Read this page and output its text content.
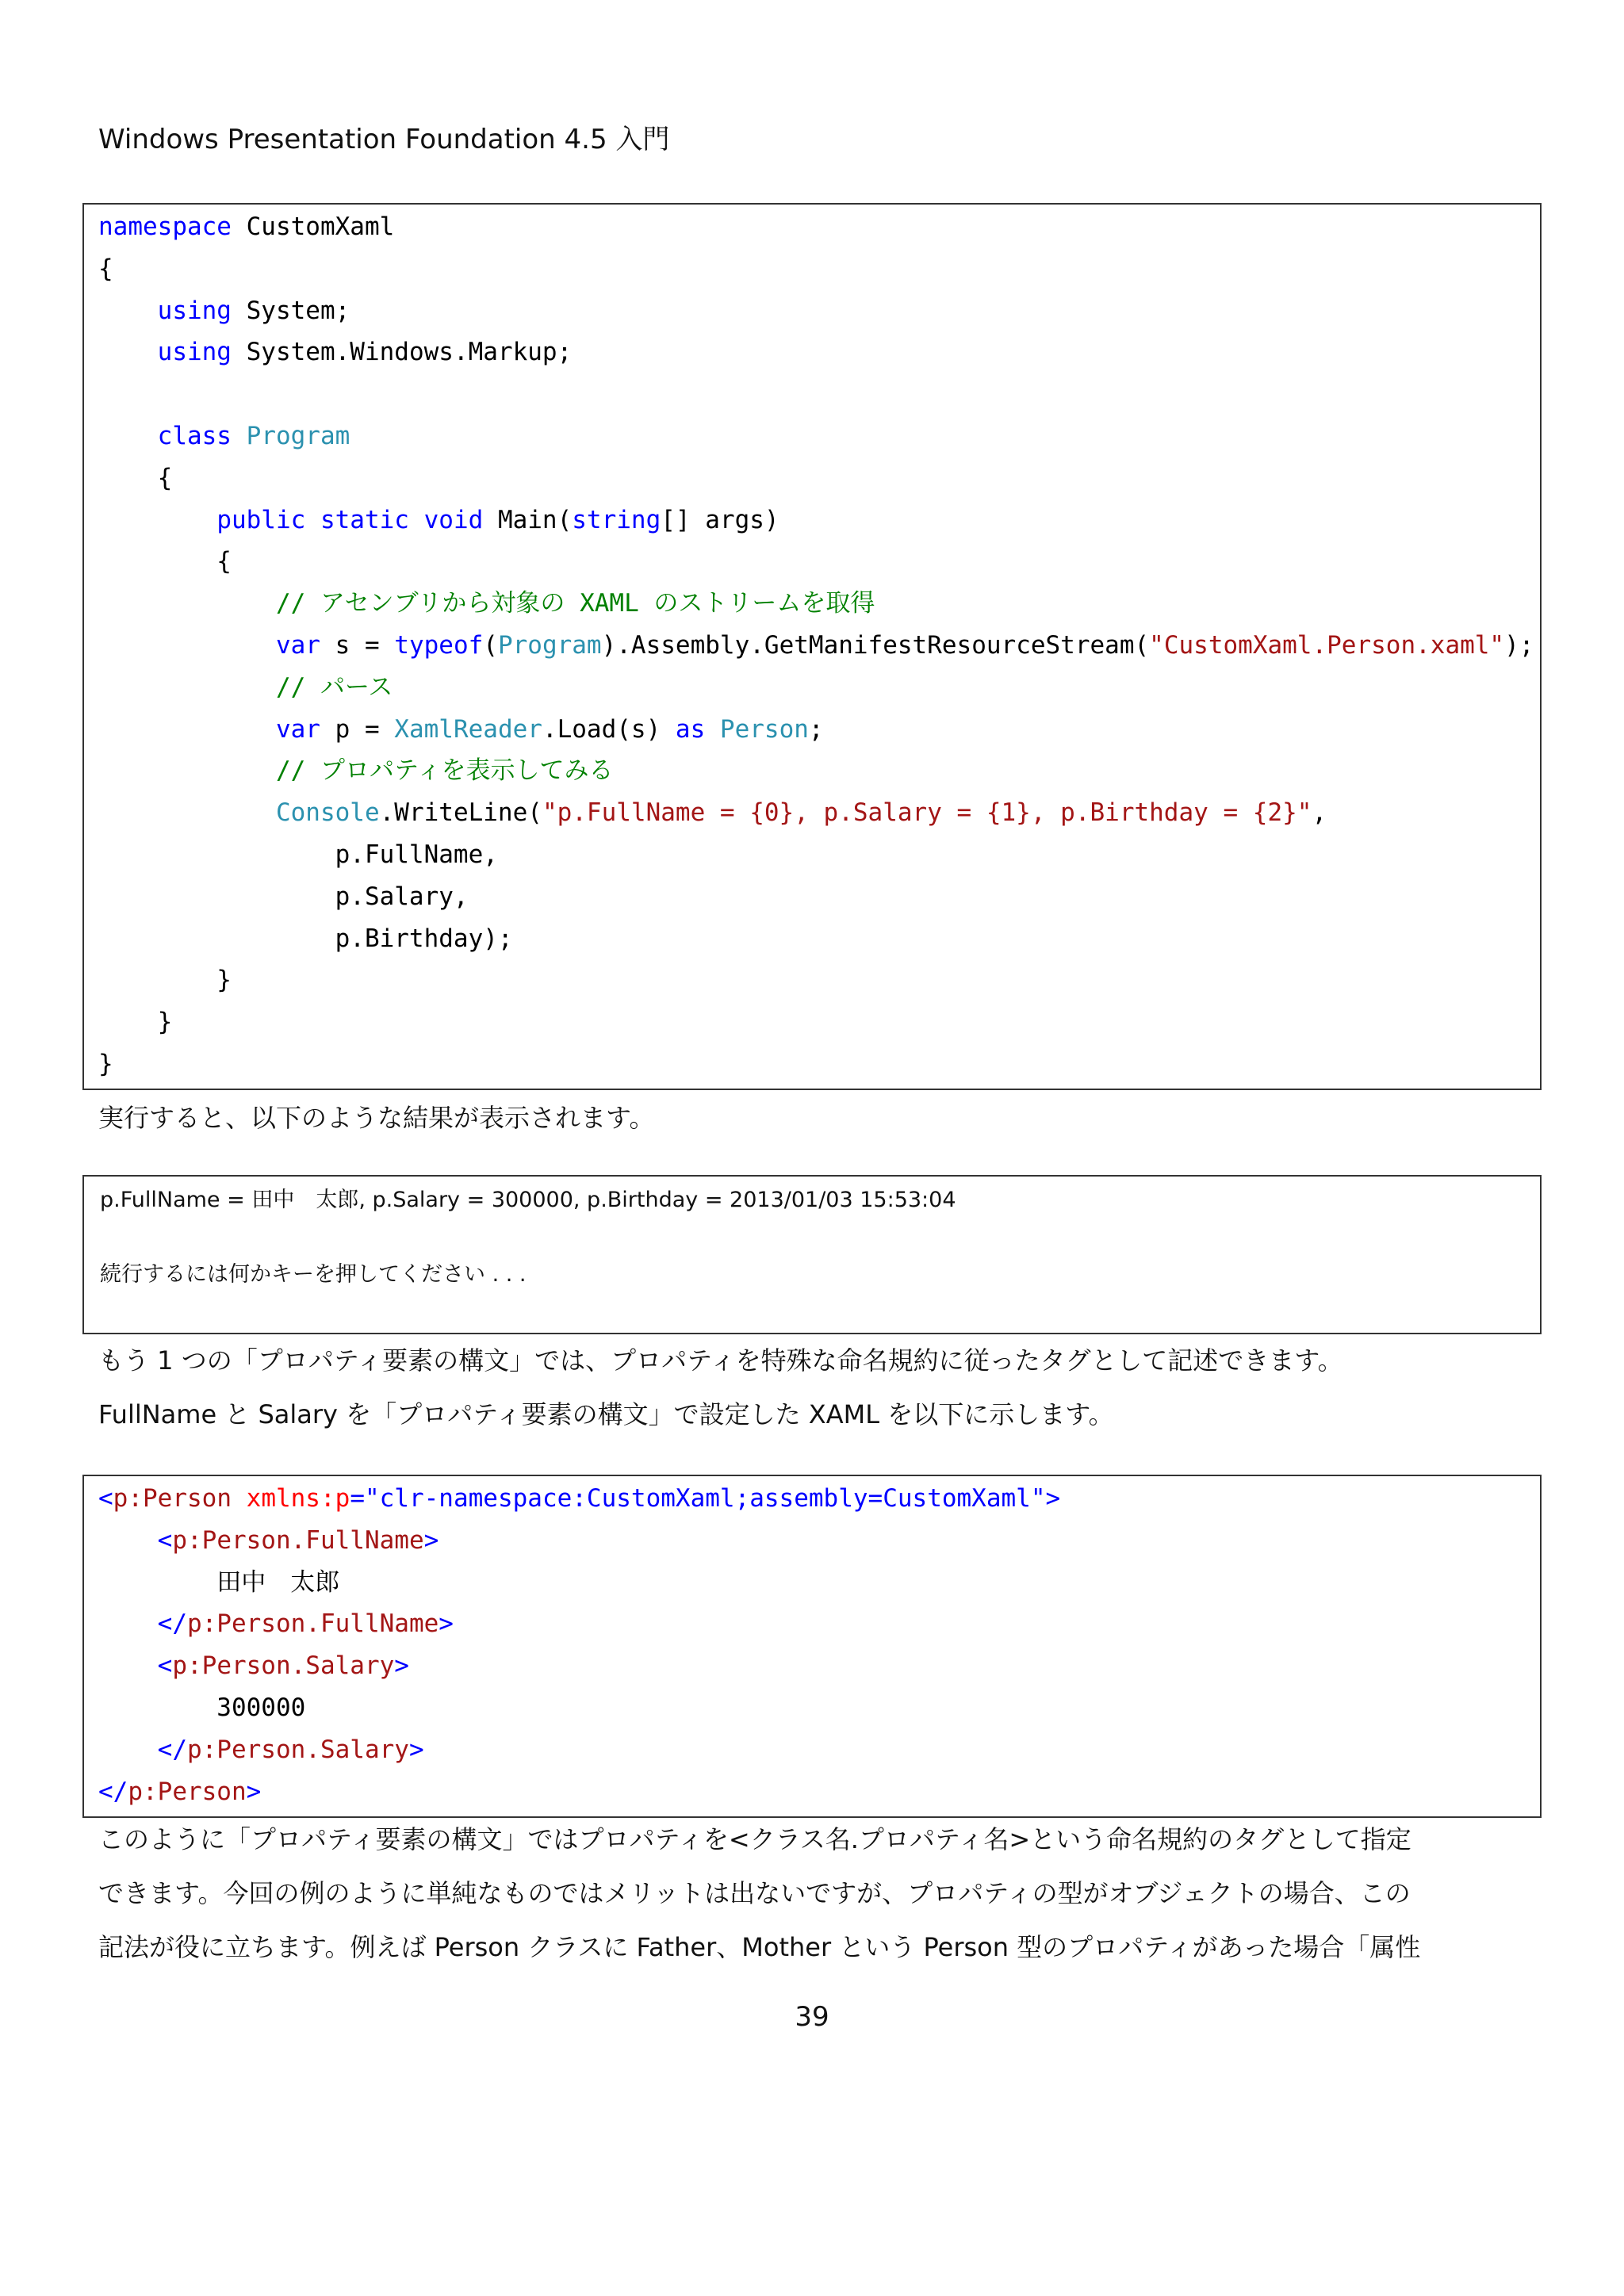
Windows Presentation Foundation 4.5 入門
namespace CustomXaml
{
using System;
using System.Windows.Markup;
class Program
{
public static void Main(string[] args)
{
// アセンブリから対象の XAML のストリームを取得
var s = typeof(Program).Assembly.GetManifestResourceStream("CustomXaml.Person.xaml");
// パース
var p = XamlReader.Load(s) as Person;
// プロパティを表示してみる
Console.WriteLine("p.FullName = {0}, p.Salary = {1}, p.Birthday = {2}",
p.FullName,
p.Salary,
p.Birthday);
}
}
}
実行すると、以下のような結果が表示されます。
p.FullName = 田中　太郎, p.Salary = 300000, p.Birthday = 2013/01/03 15:53:04
続行するには何かキーを押してください . . .
もう 1 つの「プロパティ要素の構文」では、プロパティを特殊な命名規約に従ったタグとして記述できます。
FullName と Salary を「プロパティ要素の構文」で設定した XAML を以下に示します。
<p:Person xmlns:p="clr-namespace:CustomXaml;assembly=CustomXaml">
<p:Person.FullName>
田中　太郎
</p:Person.FullName>
<p:Person.Salary>
300000
</p:Person.Salary>
</p:Person>
このように「プロパティ要素の構文」ではプロパティを<クラス名.プロパティ名>という命名規約のタグとして指定
できます。今回の例のように単純なものではメリットは出ないですが、プロパティの型がオブジェクトの場合、この
記法が役に立ちます。例えば Person クラスに Father、Mother という Person 型のプロパティがあった場合「属性
39
